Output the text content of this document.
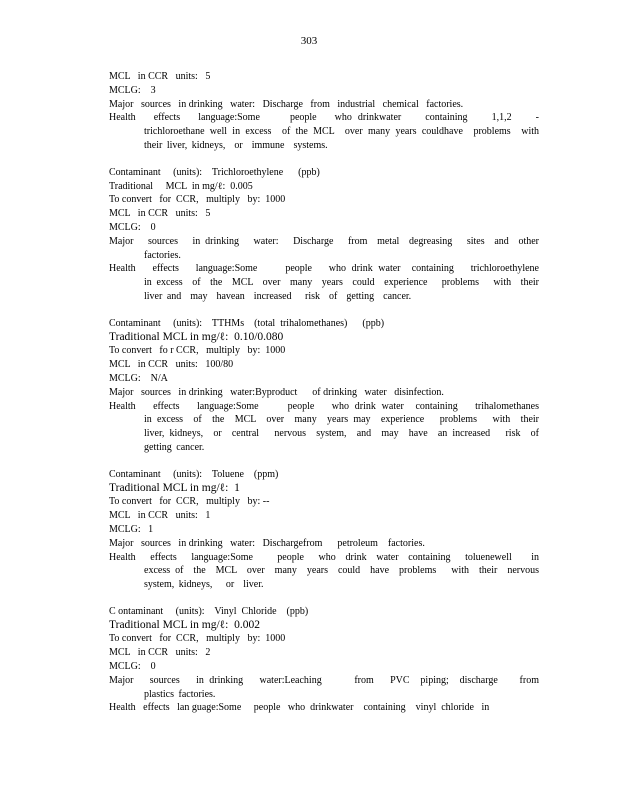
303
MCL   in CCR   units:   5
MCLG:    3
Major   sources   in drinking   water:   Discharge   from   industrial   chemical   factories.
Health   effects   language:Some     people   who drinkwater    containing    1,1,2    -trichloroethane well in excess  of the MCL  over many years couldhave  problems  with their liver, kidneys,  or  immune  systems.
Contaminant     (units):    Trichloroethylene      (ppb)
Traditional     MCL  in mg/ℓ:  0.005
To convert   for  CCR,   multiply   by:  1000
MCL   in CCR   units:   5
MCLG:    0
Major   sources   in drinking   water:   Discharge   from  metal  degreasing   sites  and  other factories.
Health   effects   language:Some     people   who drink water  containing   trichloroethylene    in excess  of  the  MCL  over  many  years  could  experience   problems   with  their  liver and  may  havean  increased   risk  of  getting  cancer.
Contaminant     (units):    TTHMs    (total  trihalomethanes)      (ppb)
Traditional MCL in mg/ℓ:  0.10/0.080
To convert   fo r CCR,   multiply   by:  1000
MCL   in CCR   units:   100/80
MCLG:    N/A
Major   sources   in drinking   water:Byproduct      of drinking   water   disinfection.
Health   effects   language:Some     people   who drink water  containing   trihalomethanes     in excess  of  the  MCL  over  many  years may  experience   problems   with  their  liver, kidneys,  or  central   nervous  system,  and  may  have  an increased   risk  of  getting cancer.
Contaminant     (units):    Toluene    (ppm)
Traditional MCL in mg/ℓ:  1
To convert   for  CCR,   multiply   by: --
MCL   in CCR   units:   1
MCLG:   1
Major   sources   in drinking   water:   Dischargefrom      petroleum    factories.
Health   effects   language:Some     people   who  drink  water  containing   toluenewell    in excess of  the  MCL  over  many  years  could  have  problems   with  their  nervous   system, kidneys,   or  liver.
C ontaminant     (units):    Vinyl  Chloride    (ppb)
Traditional MCL in mg/ℓ:  0.002
To convert   for  CCR,   multiply   by:  1000
MCL   in CCR   units:   2
MCLG:    0
Major   sources   in drinking   water:Leaching      from   PVC  piping;  discharge    from  plastics factories.
Health   effects   lan guage:Some     people   who  drinkwater    containing    vinyl  chloride   in
